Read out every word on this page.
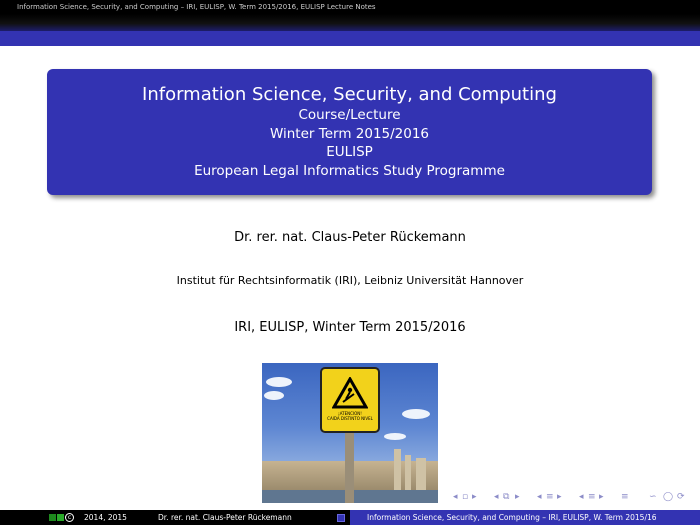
Information Science, Security, and Computing – IRI, EULISP, W. Term 2015/2016, EULISP Lecture Notes
Information Science, Security, and Computing
Course/Lecture
Winter Term 2015/2016
EULISP
European Legal Informatics Study Programme
Dr. rer. nat. Claus-Peter Rückemann
Institut für Rechtsinformatik (IRI), Leibniz Universität Hannover
IRI, EULISP, Winter Term 2015/2016
¡ATENCION!
CAIDA DISTINTO NIVEL
◂ ▫ ▸ ◂ ⧉ ▸ ◂ ≡ ▸ ◂ ≡ ▸ ≡ ∽ ◯ ⟳
c	2014, 2015	Dr. rer. nat. Claus-Peter Rückemann	Information Science, Security, and Computing – IRI, EULISP, W. Term 2015/16
